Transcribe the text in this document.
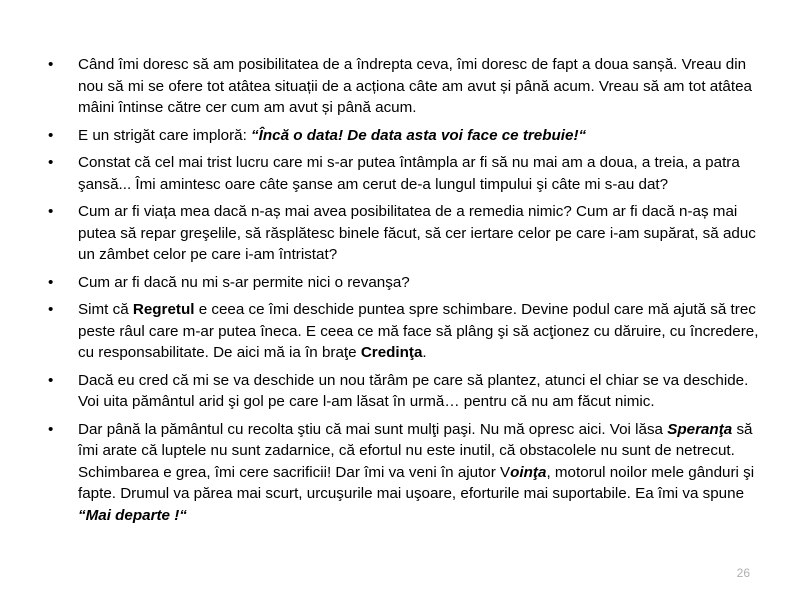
• Când îmi doresc să am posibilitatea de a îndrepta ceva, îmi doresc de fapt a doua sanșă. Vreau din nou să mi se ofere tot atâtea situații de a acționa câte am avut și până acum. Vreau să am tot atâtea mâini întinse către cer cum am avut și până acum.
• E un strigăt care imploră: “Încă o data! De data asta voi face ce trebuie!“
• Constat că cel mai trist lucru care mi s-ar putea întâmpla ar fi să nu mai am a doua, a treia, a patra şansă... Îmi amintesc oare câte şanse am cerut de-a lungul timpului şi câte mi s-au dat?
• Cum ar fi viața mea dacă n-aș mai avea posibilitatea de a remedia nimic? Cum ar fi dacă n-aș mai putea să repar greşelile, să răsplătesc binele făcut, să cer iertare celor pe care i-am supărat, să aduc un zâmbet celor pe care i-am întristat?
• Cum ar fi dacă nu mi s-ar permite nici o revanşa?
• Simt că Regretul e ceea ce îmi deschide puntea spre schimbare. Devine podul care mă ajută să trec peste râul care m-ar putea îneca. E ceea ce mă face să plâng şi să acţionez cu dăruire, cu încredere, cu responsabilitate. De aici mă ia în braţe Credinţa.
• Dacă eu cred că mi se va deschide un nou tărâm pe care să plantez, atunci el chiar se va deschide. Voi uita pământul arid şi gol pe care l-am lăsat în urmă… pentru că nu am făcut nimic.
• Dar până la pământul cu recolta ştiu că mai sunt mulţi paşi. Nu mă opresc aici. Voi lăsa Speranţa să îmi arate că luptele nu sunt zadarnice, că efortul nu este inutil, că obstacolele nu sunt de netrecut. Schimbarea e grea, îmi cere sacrificii! Dar îmi va veni în ajutor Voinţa, motorul noilor mele gânduri şi fapte. Drumul va părea mai scurt, urcuşurile mai uşoare, eforturile mai suportabile. Ea îmi va spune “Mai departe !“
26
